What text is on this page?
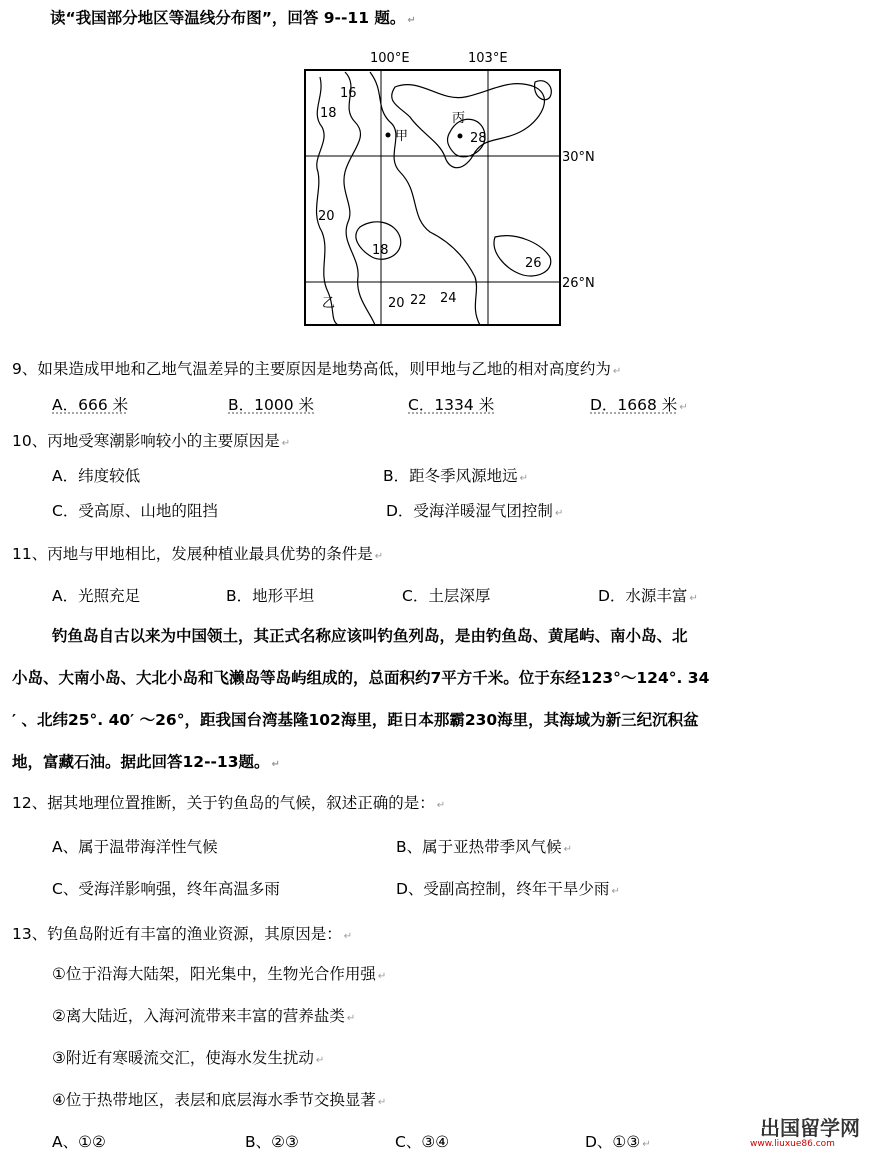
读“我国部分地区等温线分布图”，回答 9--11 题。 ↵
100°E	103°E
30°N
26°N
16
18
20
18
20 22 24
26
28
甲
丙
乙
9、如果造成甲地和乙地气温差异的主要原因是地势高低，则甲地与乙地的相对高度约为 ↵
A．666 米	B．1000 米	C．1334 米	D．1668 米 ↵
10、丙地受寒潮影响较小的主要原因是 ↵
A．纬度较低	B．距冬季风源地远 ↵
C．受高原、山地的阻挡	D．受海洋暖湿气团控制 ↵
11、丙地与甲地相比，发展种植业最具优势的条件是 ↵
A．光照充足	B．地形平坦	C．土层深厚	D．水源丰富 ↵
钓鱼岛自古以来为中国领土，其正式名称应该叫钓鱼列岛，是由钓鱼岛、黄尾屿、南小岛、北
小岛、大南小岛、大北小岛和飞濑岛等岛屿组成的，总面积约7平方千米。位于东经123°～124°. 34
′ 、北纬25°. 40′ ～26°，距我国台湾基隆102海里，距日本那霸230海里，其海域为新三纪沉积盆
地，富藏石油。据此回答12--13题。 ↵
12、据其地理位置推断，关于钓鱼岛的气候，叙述正确的是： ↵
A、属于温带海洋性气候	B、属于亚热带季风气候 ↵
C、受海洋影响强，终年高温多雨	D、受副高控制，终年干旱少雨 ↵
13、钓鱼岛附近有丰富的渔业资源，其原因是： ↵
①位于沿海大陆架，阳光集中，生物光合作用强 ↵
②离大陆近，入海河流带来丰富的营养盐类 ↵
③附近有寒暖流交汇，使海水发生扰动 ↵
④位于热带地区，表层和底层海水季节交换显著 ↵
A、①②	B、②③	C、③④	D、①③ ↵
出国留学网
www.liuxue86.com
